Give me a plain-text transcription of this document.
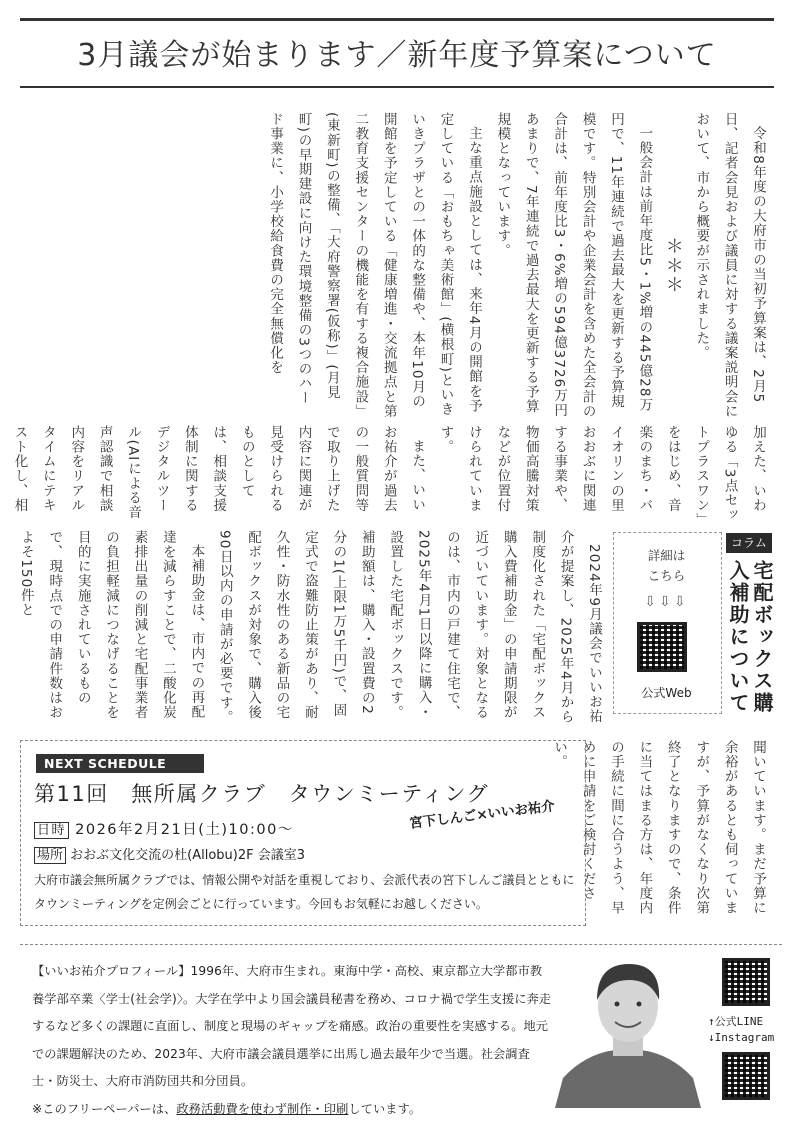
3月議会が始まります／新年度予算案について

令和8年度の大府市の当初予算案は、2月5日、記者会見および議員に対する議案説明会において、市から概要が示されました。

＊＊＊

一般会計は前年度比5・1%増の445億28万円で、11年連続で過去最大を更新する予算規模です。特別会計や企業会計を含めた全会計の合計は、前年度比3・6%増の594億3726万円あまりで、7年連続で過去最大を更新する予算規模となっています。

主な重点施設としては、来年4月の開館を予定している「おもちゃ美術館」(横根町)といきいきプラザとの一体的な整備や、本年10月の開館を予定している「健康増進・交流拠点と第二教育支援センターの機能を有する複合施設」(東新町)の整備、「大府警察署(仮称)」(月見町)の早期建設に向けた環境整備の3つのハード事業に、小学校給食費の完全無償化を

加えた、いわゆる「3点セットプラスワン」をはじめ、音楽のまち・バイオリンの里おおぶに関連する事業や、物価高騰対策などが位置付けられています。

また、いいお祐介が過去の一般質問等で取り上げた内容に関連が見受けられるものとしては、相談支援体制に関するデジタルツール(AIによる音声認識で相談内容をリアルタイムにテキスト化し、相

コラム
宅配ボックス購入補助について
詳細は
こちら
⇩⇩⇩
公式Web

2024年9月議会でいいお祐介が提案し、2025年4月から制度化された「宅配ボックス購入費補助金」の申請期限が近づいています。対象となるのは、市内の戸建て住宅で、2025年4月1日以降に購入・設置した宅配ボックスです。補助額は、購入・設置費の2分の1(上限1万5千円)で、固定式で盗難防止策があり、耐久性・防水性のある新品の宅配ボックスが対象で、購入後90日以内の申請が必要です。

本補助金は、市内での再配達を減らすことで、二酸化炭素排出量の削減と宅配事業者の負担軽減につなげることを目的に実施されているもので、現時点での申請件数はおよそ150件と

聞いています。まだ予算に余裕があるとも伺っていますが、予算がなくなり次第終了となりますので、条件に当てはまる方は、年度内の手続に間に合うよう、早めに申請をご検討ください。

NEXT SCHEDULE
第11回　無所属クラブ　タウンミーティング
日時 2026年2月21日(土)10:00～
場所 おおぶ文化交流の杜(Allobu)2F 会議室3
宮下しんご×いいお祐介
大府市議会無所属クラブでは、情報公開や対話を重視しており、会派代表の宮下しんご議員とともにタウンミーティングを定例会ごとに行っています。今回もお気軽にお越しください。
【いいお祐介プロフィール】1996年、大府市生まれ。東海中学・高校、東京都立大学都市教養学部卒業〈学士(社会学)〉。大学在学中より国会議員秘書を務め、コロナ禍で学生支援に奔走するなど多くの課題に直面し、制度と現場のギャップを痛感。政治の重要性を実感する。地元での課題解決のため、2023年、大府市議会議員選挙に出馬し過去最年少で当選。社会調査士・防災士、大府市消防団共和分団員。
※このフリーペーパーは、政務活動費を使わず制作・印刷しています。
↑公式LINE
↓Instagram
